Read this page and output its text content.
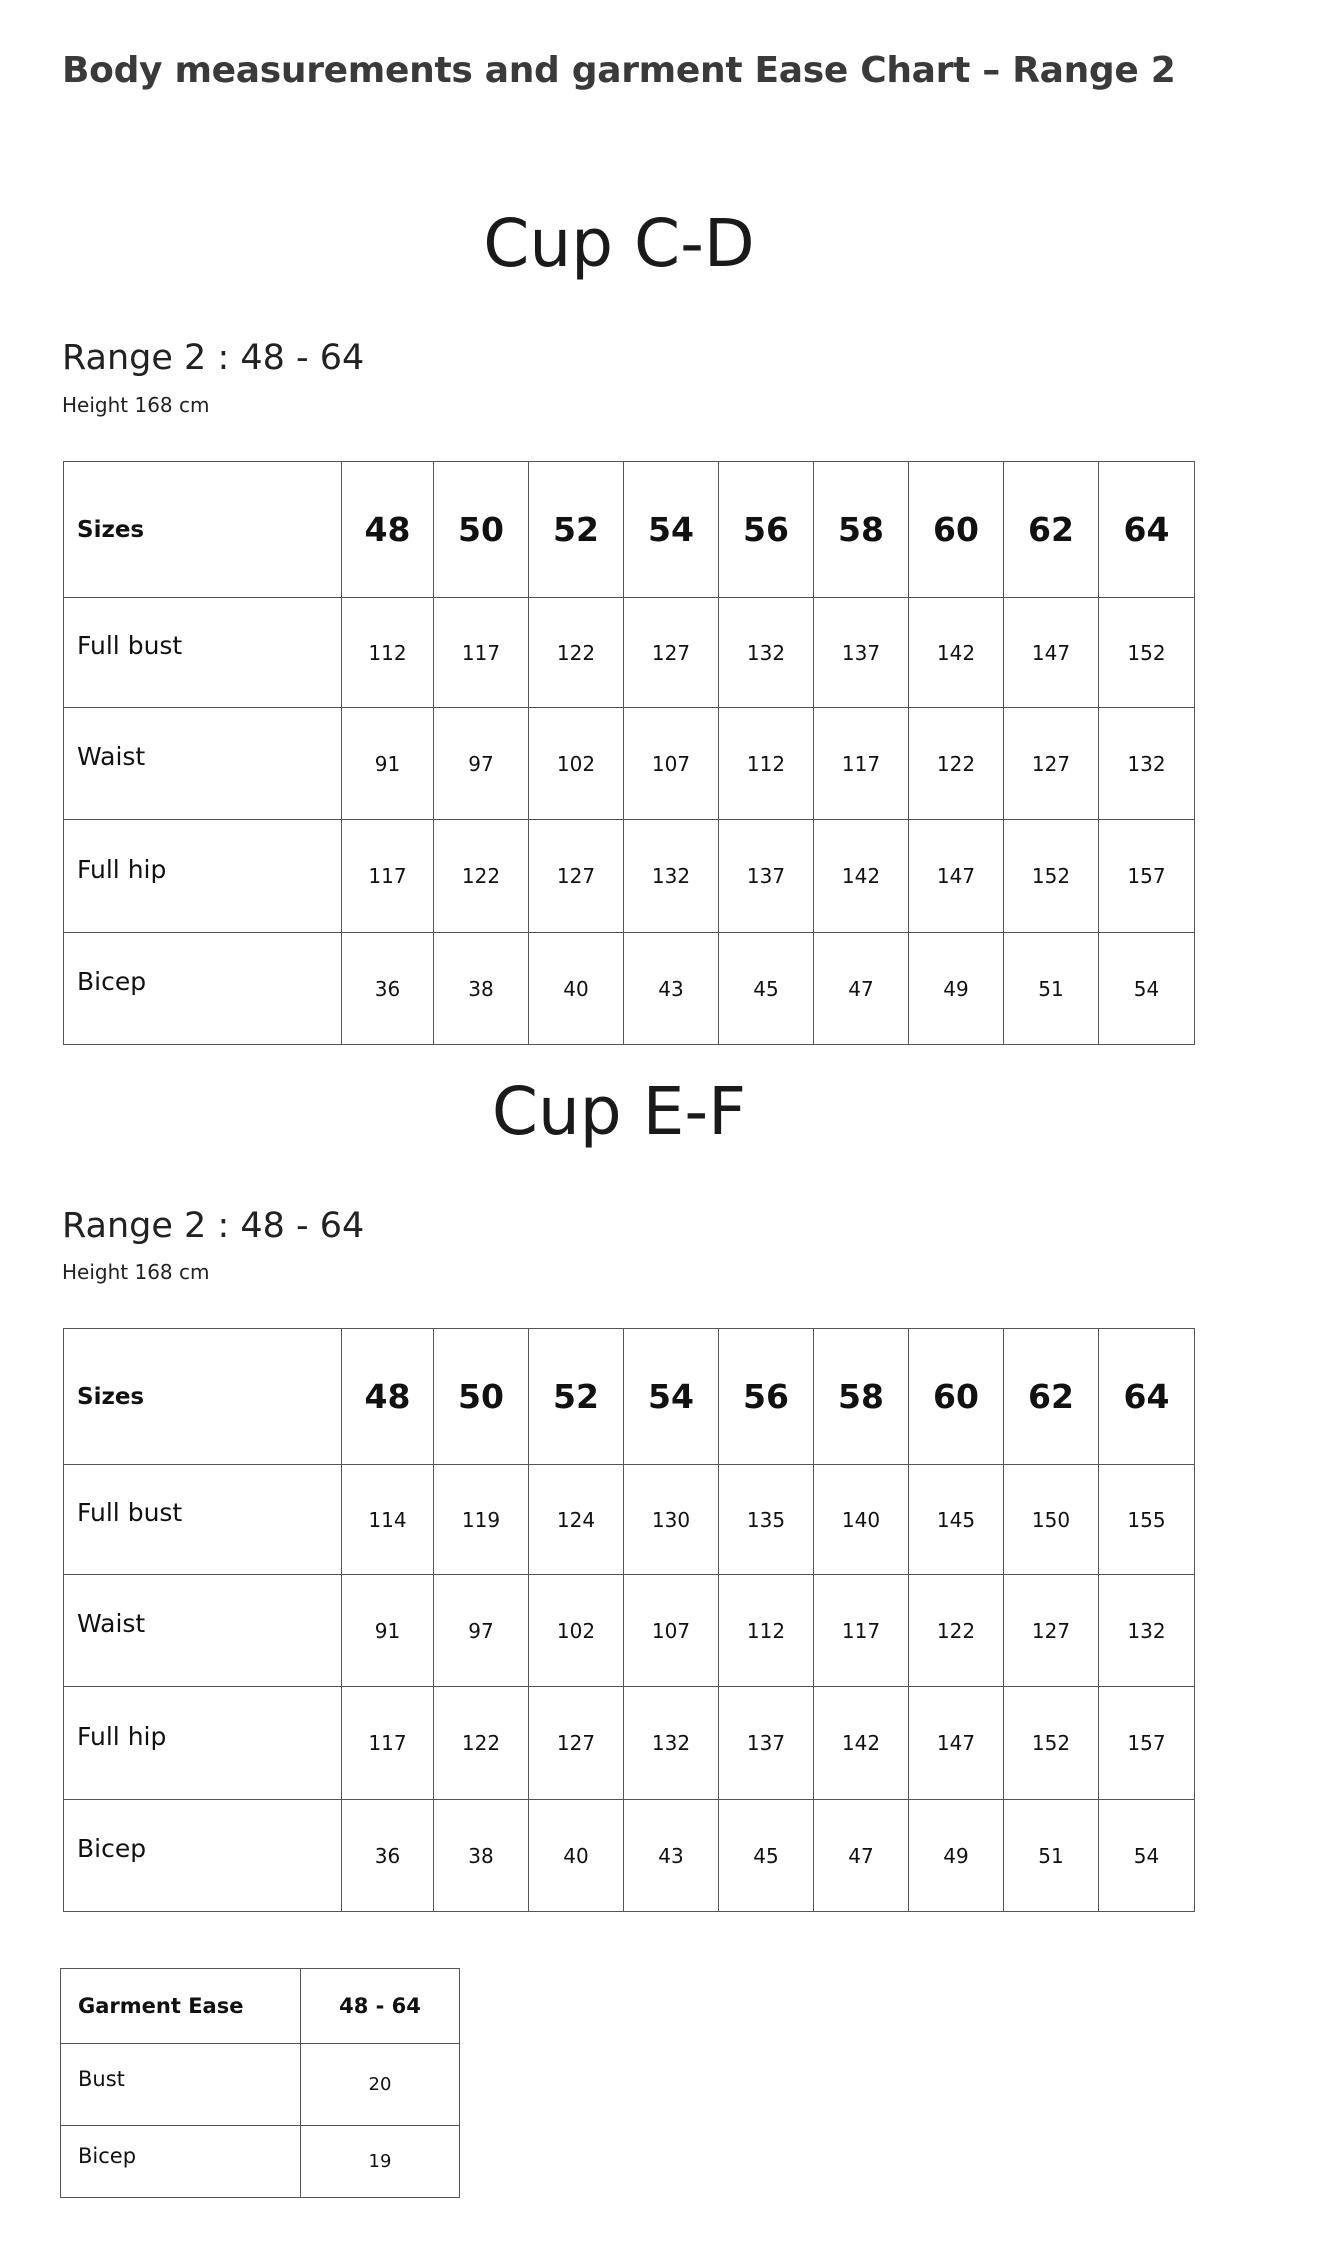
Body measurements and garment Ease Chart – Range 2
Cup C-D
Range 2 : 48 - 64
Height 168 cm
Sizes	48	50	52	54	56	58	60	62	64
Full bust	112	117	122	127	132	137	142	147	152
Waist	91	97	102	107	112	117	122	127	132
Full hip	117	122	127	132	137	142	147	152	157
Bicep	36	38	40	43	45	47	49	51	54
Cup E-F
Range 2 : 48 - 64
Height 168 cm
Sizes	48	50	52	54	56	58	60	62	64
Full bust	114	119	124	130	135	140	145	150	155
Waist	91	97	102	107	112	117	122	127	132
Full hip	117	122	127	132	137	142	147	152	157
Bicep	36	38	40	43	45	47	49	51	54
Garment Ease	48 - 64
Bust	20
Bicep	19
